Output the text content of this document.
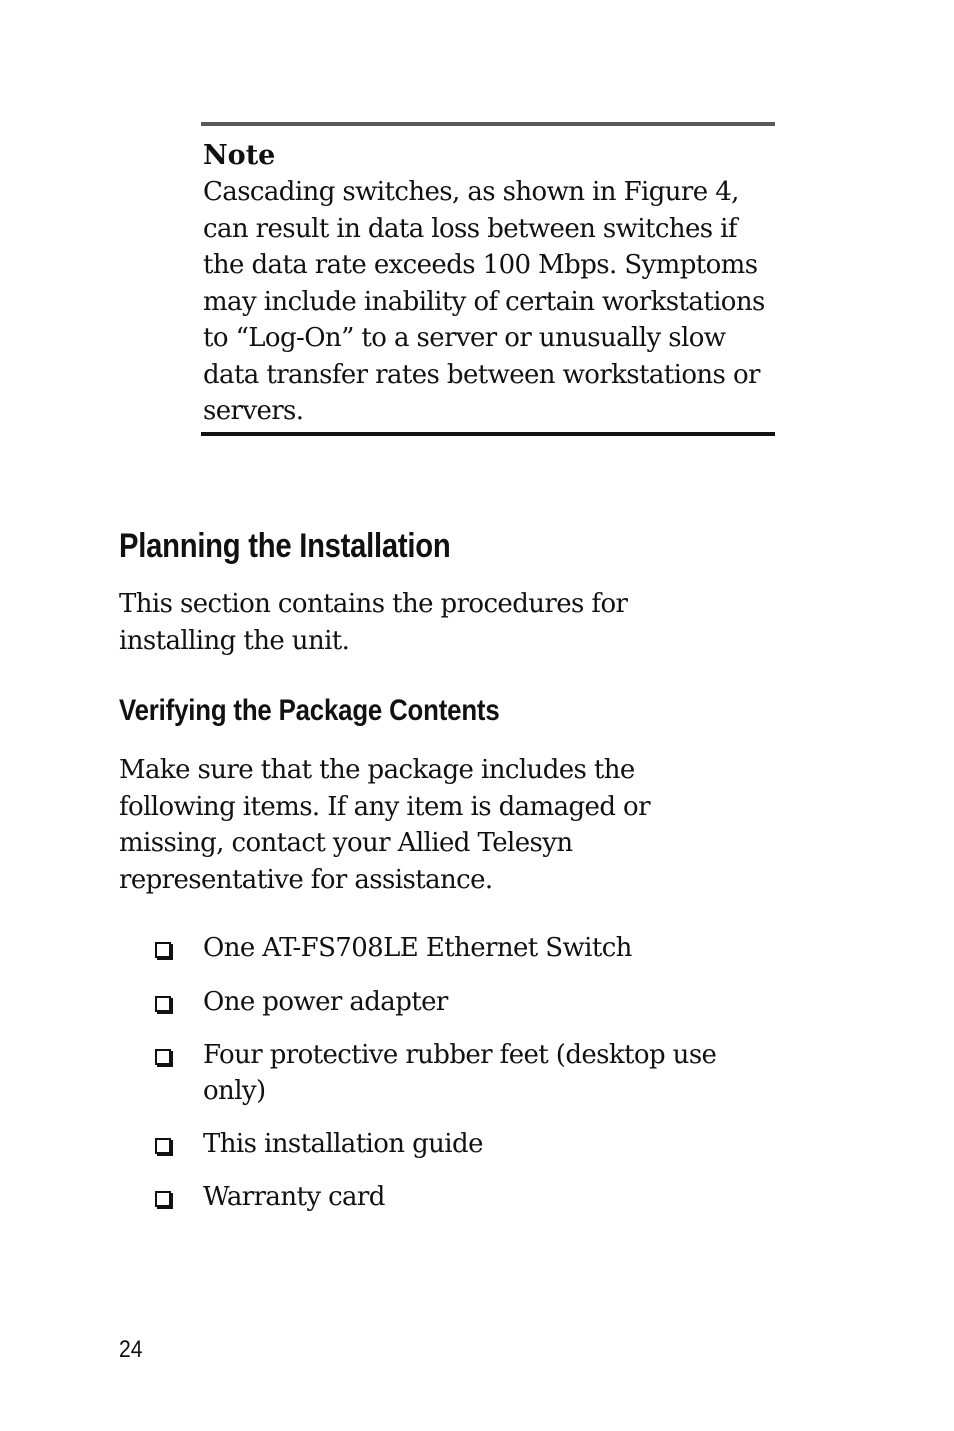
Note

Cascading switches, as shown in Figure 4, can result in data loss between switches if the data rate exceeds 100 Mbps. Symptoms may include inability of certain workstations to “Log-On” to a server or unusually slow data transfer rates between workstations or servers.

Planning the Installation

This section contains the procedures for installing the unit.

Verifying the Package Contents

Make sure that the package includes the following items. If any item is damaged or missing, contact your Allied Telesyn representative for assistance.

One AT-FS708LE Ethernet Switch
One power adapter
Four protective rubber feet (desktop use only)
This installation guide
Warranty card

24
